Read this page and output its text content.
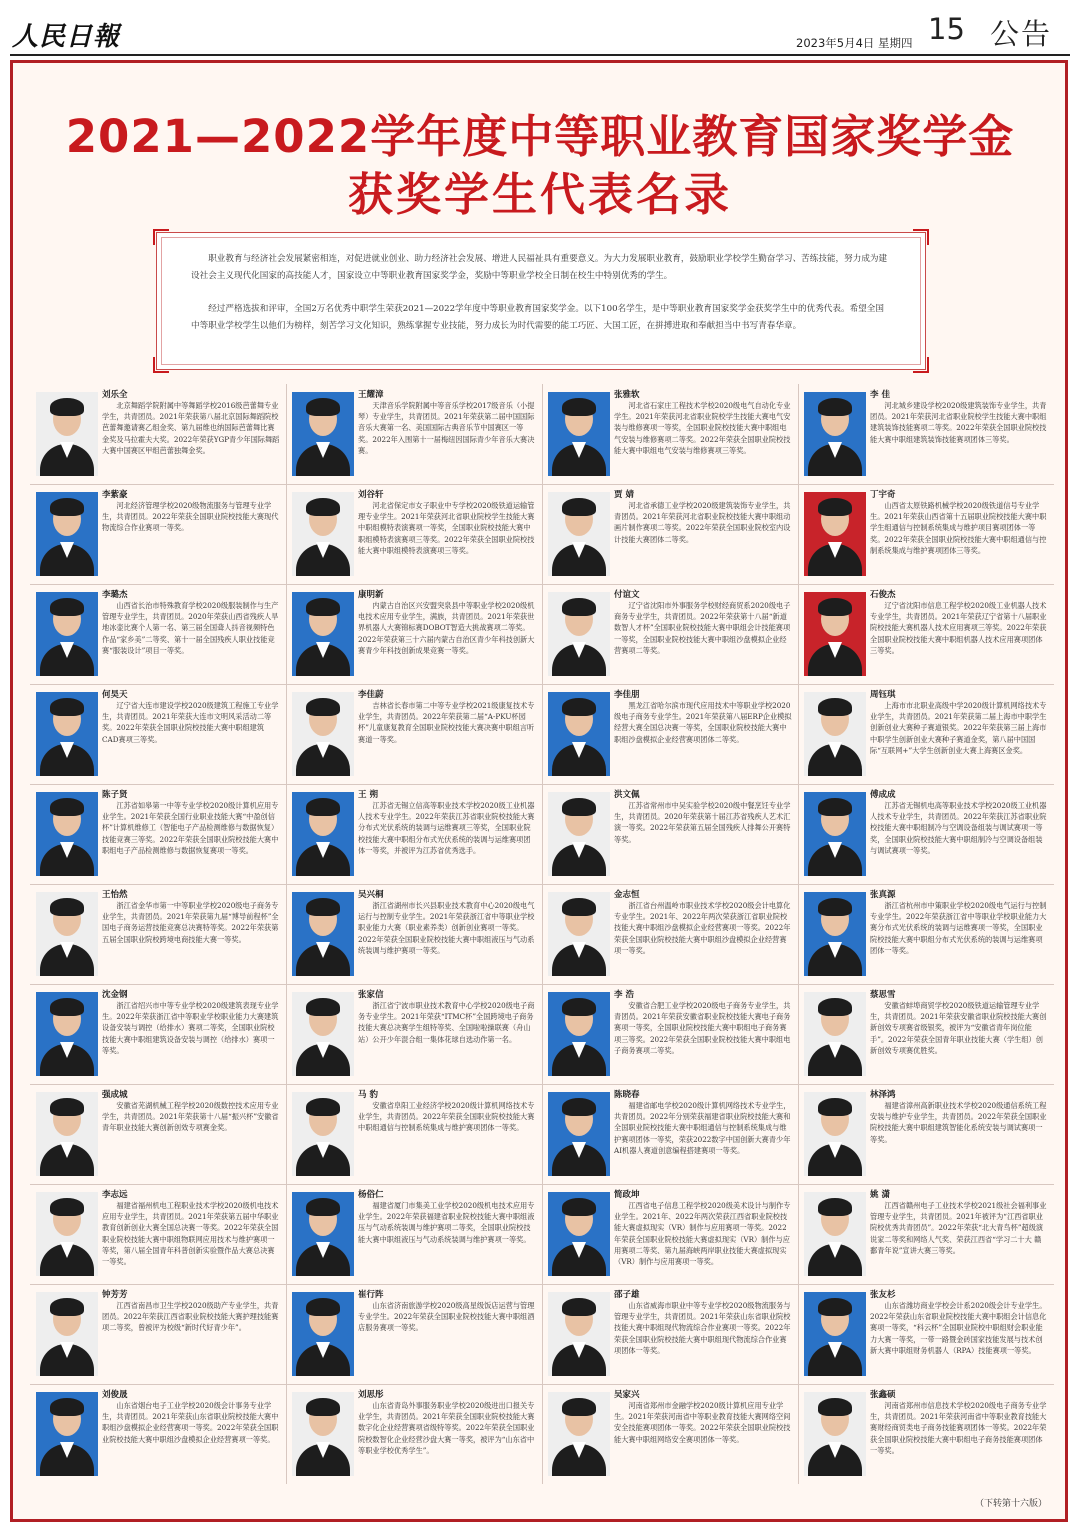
人民日報	2023年5月4日 星期四 15 公告
2021—2022学年度中等职业教育国家奖学金
获奖学生代表名录

职业教育与经济社会发展紧密相连，对促进就业创业、助力经济社会发展、增进人民福祉具有重要意义。为大力发展职业教育，鼓励职业学校学生勤奋学习、苦练技能，努力成为建设社会主义现代化国家的高技能人才，国家设立中等职业教育国家奖学金，奖励中等职业学校全日制在校生中特别优秀的学生。

经过严格选拔和评审，全国2万名优秀中职学生荣获2021—2022学年度中等职业教育国家奖学金。以下100名学生，是中等职业教育国家奖学金获奖学生中的优秀代表。希望全国中等职业学校学生以他们为榜样，刻苦学习文化知识，熟练掌握专业技能，努力成长为时代需要的能工巧匠、大国工匠，在拼搏进取和奉献担当中书写青春华章。

刘乐全

北京舞蹈学院附属中等舞蹈学校2016级芭蕾舞专业学生，共青团员。2021年荣获第八届北京国际舞蹈院校芭蕾舞邀请赛乙组金奖、第九届维也纳国际芭蕾舞比赛金奖及马拉霍夫大奖。2022年荣获YGP青少年国际舞蹈大赛中国赛区甲组芭蕾独舞金奖。

王耀漳

天津音乐学院附属中等音乐学校2017级音乐（小提琴）专业学生，共青团员。2021年荣获第二届中国国际音乐大赛第一名、美国国际古典音乐节中国赛区一等奖。2022年入围第十一届梅纽因国际青少年音乐大赛决赛。

张雅软

河北省石家庄工程技术学校2020级电气自动化专业学生。2021年荣获河北省职业院校学生技能大赛电气安装与维修赛项一等奖，全国职业院校技能大赛中职组电气安装与维修赛项二等奖。2022年荣获全国职业院校技能大赛中职组电气安装与维修赛项三等奖。

李 佳

河北城乡建设学校2020级建筑装饰专业学生，共青团员。2021年荣获河北省职业院校学生技能大赛中职组建筑装饰技能赛项二等奖。2022年荣获全国职业院校技能大赛中职组建筑装饰技能赛项团体三等奖。

李紫豪

河北经济管理学校2020级物流服务与管理专业学生，共青团员。2022年荣获全国职业院校技能大赛现代物流综合作业赛项一等奖。

刘谷轩

河北省保定市女子职业中专学校2020级铁道运输管理专业学生。2021年荣获河北省职业院校学生技能大赛中职组模特表演赛项一等奖，全国职业院校技能大赛中职组模特表演赛项三等奖。2022年荣获全国职业院校技能大赛中职组模特表演赛项三等奖。

贾 婧

河北省承德工业学校2020级建筑装饰专业学生，共青团员。2021年荣获河北省职业院校技能大赛中职组动画片制作赛项二等奖。2022年荣获全国职业院校室内设计技能大赛团体二等奖。

丁宇奇

山西省太原铁路机械学校2020级铁道信号专业学生。2021年荣获山西省第十五届职业院校技能大赛中职学生组通信与控制系统集成与维护项目赛项团体一等奖。2022年荣获全国职业院校技能大赛中职组通信与控制系统集成与维护赛项团体三等奖。

李璐杰

山西省长治市特殊教育学校2020级服装制作与生产管理专业学生，共青团员。2020年荣获山西省残疾人旱地冰壶比赛个人第一名、第三届全国聋人抖音视频特色作品“家乡美”二等奖、第十一届全国残疾人职业技能竞赛“服装设计”项目一等奖。

康明新

内蒙古自治区兴安盟突泉县中等职业学校2020级机电技术应用专业学生，满族，共青团员。2021年荣获世界机器人大赛锦标赛DOBOT智造大挑战赛项二等奖。2022年荣获第三十六届内蒙古自治区青少年科技创新大赛青少年科技创新成果竞赛一等奖。

付谊文

辽宁省沈阳市外事服务学校财经商贸系2020级电子商务专业学生，共青团员。2022年荣获第十八届“新道数智人才杯”全国职业院校技能大赛中职组会计技能赛项一等奖，全国职业院校技能大赛中职组沙盘模拟企业经营赛项二等奖。

石俊杰

辽宁省沈阳市信息工程学校2020级工业机器人技术专业学生，共青团员。2021年荣获辽宁省第十八届职业院校技能大赛机器人技术应用赛项三等奖。2022年荣获全国职业院校技能大赛中职组机器人技术应用赛项团体三等奖。

何昊天

辽宁省大连市建设学校2020级建筑工程施工专业学生，共青团员。2021年荣获大连市文明风采活动二等奖。2022年荣获全国职业院校技能大赛中职组建筑CAD赛项三等奖。

李佳蔚

吉林省长春市第二中等专业学校2021级康复技术专业学生，共青团员。2022年荣获第二届“A-PKU杯园杯”儿童康复教育全国职业院校技能大赛决赛中职组言听赛道一等奖。

李佳朋

黑龙江省哈尔滨市现代应用技术中等职业学校2020级电子商务专业学生。2021年荣获第八届ERP企业模拟经营大赛全国总决赛一等奖，全国职业院校技能大赛中职组沙盘模拟企业经营赛项团体二等奖。

周钰琪

上海市市北职业高级中学2020级计算机网络技术专业学生，共青团员。2021年荣获第二届上海市中职学生创新创业大赛种子赛道银奖。2022年荣获第三届上海市中职学生创新创业大赛种子赛道金奖，第八届中国国际“互联网+”大学生创新创业大赛上海赛区金奖。

陈子贤

江苏省如皋第一中等专业学校2020级计算机应用专业学生。2021年荣获全国行业职业技能大赛“中盈创信杯”计算机维修工（智能电子产品检测维修与数据恢复）技能竞赛三等奖。2022年荣获全国职业院校技能大赛中职组电子产品检测维修与数据恢复赛项一等奖。

王 朔

江苏省无锡立信高等职业技术学校2020级工业机器人技术专业学生。2022年荣获江苏省职业院校技能大赛分布式光伏系统的装调与运维赛项三等奖，全国职业院校技能大赛中职组分布式光伏系统的装调与运维赛项团体一等奖，并被评为江苏省优秀选手。

洪文佩

江苏省常州市中吴实验学校2020级中餐烹饪专业学生，共青团员。2020年荣获第十届江苏省残疾人艺术汇演一等奖。2022年荣获第五届全国残疾人排舞公开赛特等奖。

傅成成

江苏省无锡机电高等职业技术学校2020级工业机器人技术专业学生，共青团员。2022年荣获江苏省职业院校技能大赛中职组制冷与空调设备组装与调试赛项一等奖，全国职业院校技能大赛中职组制冷与空调设备组装与调试赛项一等奖。

王怡然

浙江省金华市第一中等职业学校2020级电子商务专业学生，共青团员。2021年荣获第九届“博导前程杯”全国电子商务运营技能竞赛总决赛特等奖。2022年荣获第五届全国职业院校跨境电商技能大赛一等奖。

吴兴桐

浙江省湖州市长兴县职业技术教育中心2020级电气运行与控制专业学生。2021年荣获浙江省中等职业学校职业能力大赛（职业素养类）创新创业赛项一等奖。2022年荣获全国职业院校技能大赛中职组液压与气动系统装调与维护赛项一等奖。

金志恒

浙江省台州温岭市职业技术学校2020级会计电算化专业学生。2021年、2022年两次荣获浙江省职业院校技能大赛中职组沙盘模拟企业经营赛项一等奖。2022年荣获全国职业院校技能大赛中职组沙盘模拟企业经营赛项一等奖。

张真源

浙江省杭州市中策职业学校2020级电气运行与控制专业学生。2022年荣获浙江省中等职业学校职业能力大赛分布式光伏系统的装调与运维赛项一等奖，全国职业院校技能大赛中职组分布式光伏系统的装调与运维赛项团体一等奖。

沈金钢

浙江省绍兴市中等专业学校2020级建筑表现专业学生。2022年荣获浙江省中等职业学校职业能力大赛建筑设备安装与调控（给排水）赛项二等奖，全国职业院校技能大赛中职组建筑设备安装与调控（给排水）赛项一等奖。

张家信

浙江省宁波市职业技术教育中心学校2020级电子商务专业学生。2021年荣获“ITMC杯”全国跨境电子商务技能大赛总决赛学生组特等奖、全国啦啦操联赛（舟山站）公开少年混合组一集体花球自选动作第一名。

李 浩

安徽省合肥工业学校2020级电子商务专业学生，共青团员。2021年荣获安徽省职业院校技能大赛电子商务赛项一等奖，全国职业院校技能大赛中职组电子商务赛项三等奖。2022年荣获全国职业院校技能大赛中职组电子商务赛项二等奖。

蔡思雪

安徽省蚌埠商贸学校2020级铁道运输管理专业学生，共青团员。2021年荣获安徽省职业院校技能大赛创新创效专项赛省级银奖，被评为“安徽省青年岗位能手”。2022年荣获全国青年职业技能大赛（学生组）创新创效专项赛优胜奖。

强成城

安徽省芜湖机械工程学校2020级数控技术应用专业学生，共青团员。2021年荣获第十八届“振兴杯”安徽省青年职业技能大赛创新创效专项赛金奖。

马 豹

安徽省阜阳工业经济学校2020级计算机网络技术专业学生，共青团员。2022年荣获全国职业院校技能大赛中职组通信与控制系统集成与维护赛项团体一等奖。

陈晓春

福建省邮电学校2020级计算机网络技术专业学生，共青团员。2022年分别荣获福建省职业院校技能大赛和全国职业院校技能大赛中职组通信与控制系统集成与维护赛项团体一等奖，荣获2022数字中国创新大赛青少年AI机器人赛道创意编程搭建赛项一等奖。

林泽鸿

福建省漳州高新职业技术学校2020级通信系统工程安装与维护专业学生，共青团员。2022年荣获全国职业院校技能大赛中职组建筑智能化系统安装与调试赛项一等奖。

李志远

福建省福州机电工程职业技术学校2020级机电技术应用专业学生，共青团员。2021年荣获第五届中华职业教育创新创业大赛全国总决赛一等奖。2022年荣获全国职业院校技能大赛中职组物联网应用技术与维护赛项一等奖，第八届全国青年科普创新实验暨作品大赛总决赛一等奖。

杨俗仁

福建省厦门市集美工业学校2020级机电技术应用专业学生。2022年荣获福建省职业院校技能大赛中职组液压与气动系统装调与维护赛项二等奖，全国职业院校技能大赛中职组液压与气动系统装调与维护赛项一等奖。

简政坤

江西省电子信息工程学校2020级美术设计与制作专业学生。2021年、2022年两次荣获江西省职业院校技能大赛虚拟现实（VR）制作与应用赛项一等奖。2022年荣获全国职业院校技能大赛虚拟现实（VR）制作与应用赛项二等奖、第九届海峡两岸职业技能大赛虚拟现实（VR）制作与应用赛项一等奖。

姚 潇

江西省赣州电子工业技术学校2021级社会福利事业管理专业学生，共青团员。2021年被评为“江西省职业院校优秀共青团员”。2022年荣获“北大青鸟杯”超级演说家二等奖和网络人气奖、荣获江西省“学习二十大 赣鄱青年说”宣讲大赛三等奖。

钟芳芳

江西省南昌市卫生学校2020级助产专业学生，共青团员。2022年荣获江西省职业院校技能大赛护理技能赛项二等奖，曾被评为校级“新时代好青少年”。

崔行阵

山东省济南旅游学校2020级高星级饭店运营与管理专业学生。2022年荣获全国职业院校技能大赛中职组酒店服务赛项一等奖。

邵子雄

山东省威海市职业中等专业学校2020级物流服务与管理专业学生，共青团员。2021年荣获山东省职业院校技能大赛中职组现代物流综合作业赛项一等奖。2022年荣获全国职业院校技能大赛中职组现代物流综合作业赛项团体一等奖。

张友杉

山东省潍坊商业学校会计系2020级会计专业学生。2022年荣获山东省职业院校技能大赛中职组会计信息化赛项一等奖，“科云杯”全国职业院校中职组财会职业能力大赛一等奖，一带一路暨金砖国家技能发展与技术创新大赛中职组财务机器人（RPA）技能赛项一等奖。

刘俊晟

山东省烟台电子工业学校2020级会计事务专业学生，共青团员。2021年荣获山东省职业院校技能大赛中职组沙盘模拟企业经营赛项一等奖。2022年荣获全国职业院校技能大赛中职组沙盘模拟企业经营赛项一等奖。

刘思彤

山东省青岛外事服务职业学校2020级进出口报关专业学生，共青团员。2021年荣获全国职业院校技能大赛数字化企业经营赛项省级特等奖。2022年荣获全国职业院校数智化企业经营沙盘大赛一等奖，被评为“山东省中等职业学校优秀学生”。

吴家兴

河南省郑州市金融学校2020级计算机应用专业学生。2021年荣获河南省中等职业教育技能大赛网络空间安全技能赛项团体一等奖。2022年荣获全国职业院校技能大赛中职组网络安全赛项团体一等奖。

张鑫硕

河南省郑州市信息技术学校2020级电子商务专业学生，共青团员。2021年荣获河南省中等职业教育技能大赛财经商贸类电子商务技能赛项团体一等奖。2022年荣获全国职业院校技能大赛中职组电子商务技能赛项团体一等奖。

（下转第十六版）
